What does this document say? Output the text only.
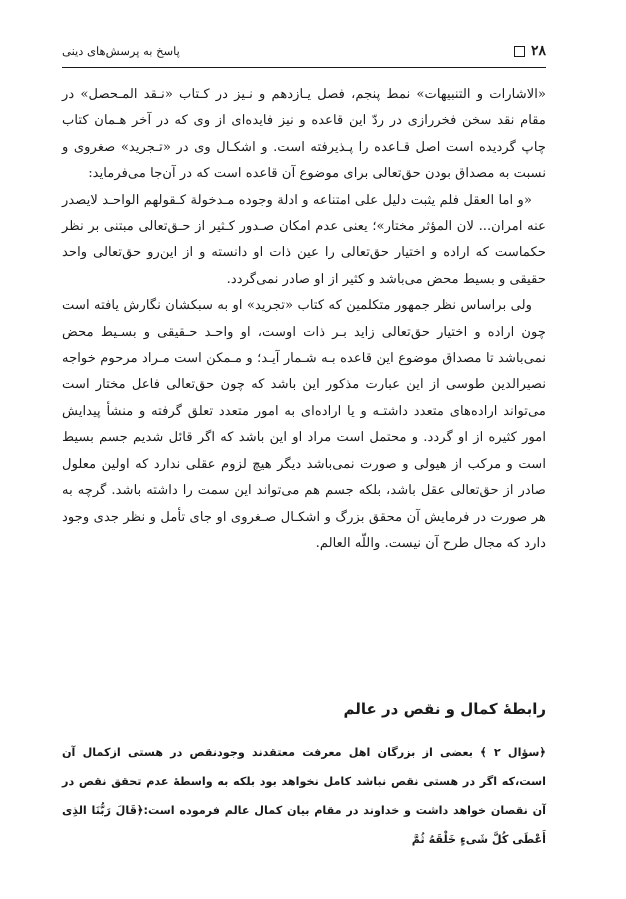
۲۸
پاسخ به پرسش‌های دینی

«الاشارات و التنبیهات» نمط پنجم، فصل یـازدهم و نـیز در کـتاب «نـقد المـحصل» در مقام نقد سخن فخررازی در ردّ این قاعده و نیز فایده‌ای از وی که در آخر هـمان کتاب چاپ گردیده است اصل قـاعده را پـذیرفته است. و اشکـال وی در «تـجرید» صغروی و نسبت به مصداق بودن حق‌تعالی برای موضوع آن قاعده است که در آن‌جا می‌فرماید:

«و اما العقل فلم یثبت دلیل علی امتناعه و ادلة وجوده مـدخولة کـقولهم الواحـد لایصدر عنه امران... لان المؤثر مختار»؛ یعنی عدم امکان صـدور کـثیر از حـق‌تعالی مبتنی بر نظر حکماست که اراده و اختیار حق‌تعالی را عین ذات او دانسته و از این‌رو حق‌تعالی واحد حقیقی و بسیط محض می‌باشد و کثیر از او صادر نمی‌گردد.

ولی براساس نظر جمهور متکلمین که کتاب «تجرید» او به سبکشان نگارش یافته است چون اراده و اختیار حق‌تعالی زاید بـر ذات اوست، او واحـد حـقیقی و بسـیط محض نمی‌باشد تا مصداق موضوع این قاعده بـه شـمار آیـد؛ و مـمکن است مـراد مرحوم خواجه نصیرالدین طوسی از این عبارت مذکور این باشد که چون حق‌تعالی فاعل مختار است می‌تواند اراده‌های متعدد داشتـه و یا اراده‌ای به امور متعدد تعلق گرفته و منشأ پیدایش امور کثیره از او گردد. و محتمل است مراد او این باشد که اگر قائل شدیم جسم بسیط است و مرکب از هیولی و صورت نمی‌باشد دیگر هیچ لزوم عقلی ندارد که اولین معلول صادر از حق‌تعالی عقل باشد، بلکه جسم هم می‌تواند این سمت را داشته باشد. گرچه به هر صورت در فرمایش آن محقق بزرگ و اشکـال صـغروی او جای تأمل و نظر جدی وجود دارد که مجال طرح آن نیست. واللّه العالم.

رابطهٔ کمال و نقص در عالم
﴿سؤال ۲ ﴾ بعضی از بزرگان اهل معرفت معتقدند وجودنقص در هستی ازکمال آن است،که اگر در هستی نقص نباشد کامل نخواهد بود بلکه به واسطهٔ عدم تحقق نقص در آن نقصان خواهد داشت و خداوند در مقام بیان کمال عالم فرموده است:﴿قَالَ رَبُّنَا الذِی أَعْطَی کُلَّ شَیءٍ خَلْقَهُ ثُمَّ
